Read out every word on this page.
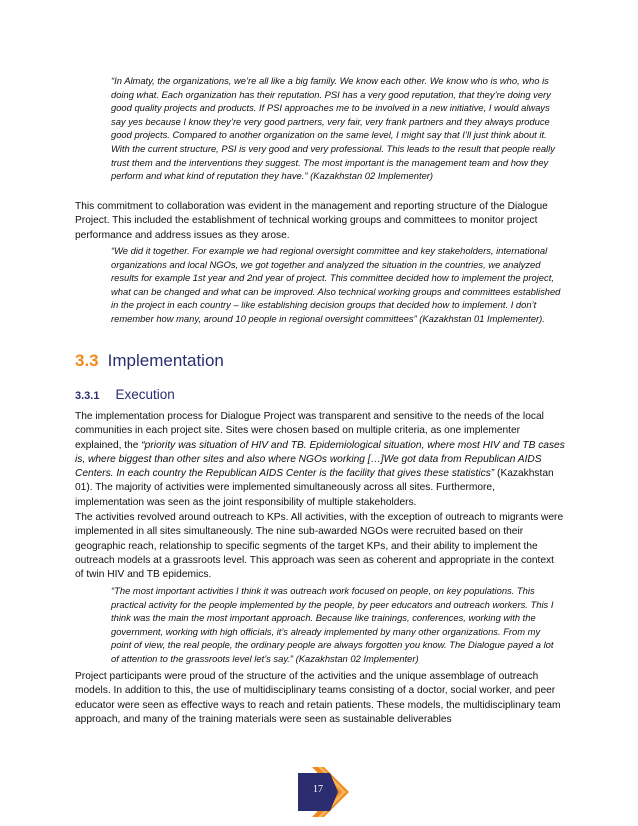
“In Almaty, the organizations, we’re all like a big family. We know each other. We know who is who, who is doing what. Each organization has their reputation. PSI has a very good reputation, that they’re doing very good quality projects and products. If PSI approaches me to be involved in a new initiative, I would always say yes because I know they’re very good partners, very fair, very frank partners and they always produce good projects. Compared to another organization on the same level, I might say that I’ll just think about it. With the current structure, PSI is very good and very professional. This leads to the result that people really trust them and the interventions they suggest. The most important is the management team and how they perform and what kind of reputation they have.” (Kazakhstan 02 Implementer)
This commitment to collaboration was evident in the management and reporting structure of the Dialogue Project. This included the establishment of technical working groups and committees to monitor project performance and address issues as they arose.
“We did it together. For example we had regional oversight committee and key stakeholders, international organizations and local NGOs, we got together and analyzed the situation in the countries, we analyzed results for example 1st year and 2nd year of project. This committee decided how to implement the project, what can be changed and what can be improved. Also technical working groups and committees established in the project in each country – like establishing decision groups that decided how to implement. I don’t remember how many, around 10 people in regional oversight committees” (Kazakhstan 01 Implementer).
3.3 Implementation
3.3.1 Execution
The implementation process for Dialogue Project was transparent and sensitive to the needs of the local communities in each project site. Sites were chosen based on multiple criteria, as one implementer explained, the “priority was situation of HIV and TB. Epidemiological situation, where most HIV and TB cases is, where biggest than other sites and also where NGOs working […]We got data from Republican AIDS Centers. In each country the Republican AIDS Center is the facility that gives these statistics” (Kazakhstan 01). The majority of activities were implemented simultaneously across all sites. Furthermore, implementation was seen as the joint responsibility of multiple stakeholders.
The activities revolved around outreach to KPs. All activities, with the exception of outreach to migrants were implemented in all sites simultaneously. The nine sub-awarded NGOs were recruited based on their geographic reach, relationship to specific segments of the target KPs, and their ability to implement the outreach models at a grassroots level. This approach was seen as coherent and appropriate in the context of twin HIV and TB epidemics.
“The most important activities I think it was outreach work focused on people, on key populations. This practical activity for the people implemented by the people, by peer educators and outreach workers. This I think was the main the most important approach. Because like trainings, conferences, working with the government, working with high officials, it’s already implemented by many other organizations. From my point of view, the real people, the ordinary people are always forgotten you know. The Dialogue payed a lot of attention to the grassroots level let’s say.” (Kazakhstan 02 Implementer)
Project participants were proud of the structure of the activities and the unique assemblage of outreach models. In addition to this, the use of multidisciplinary teams consisting of a doctor, social worker, and peer educator were seen as effective ways to reach and retain patients. These models, the multidisciplinary team approach, and many of the training materials were seen as sustainable deliverables
17
